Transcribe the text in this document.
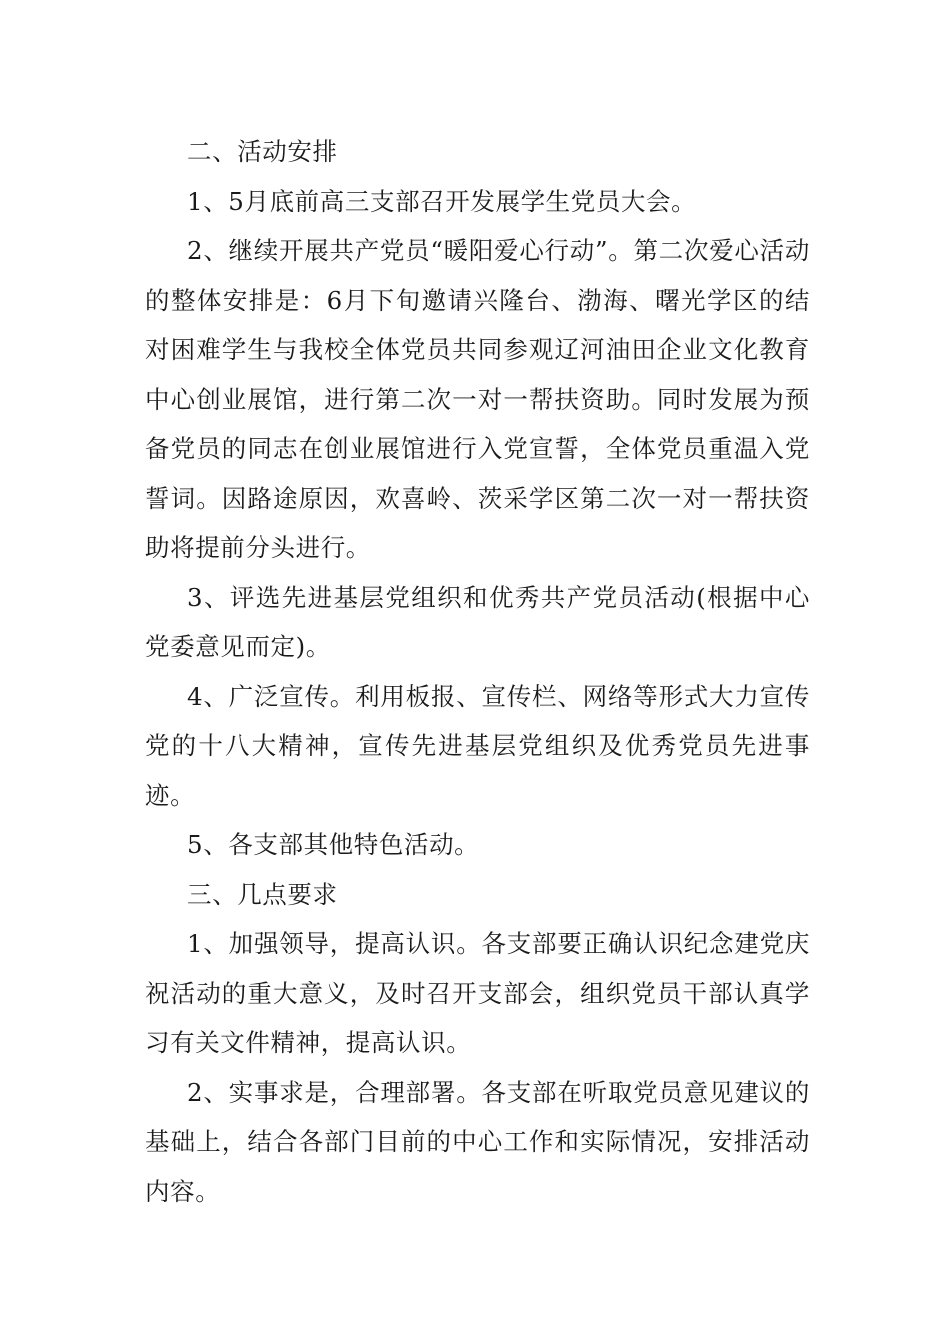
二、活动安排

1、5月底前高三支部召开发展学生党员大会。

2、继续开展共产党员“暖阳爱心行动”。第二次爱心活动的整体安排是：6月下旬邀请兴隆台、渤海、曙光学区的结对困难学生与我校全体党员共同参观辽河油田企业文化教育中心创业展馆，进行第二次一对一帮扶资助。同时发展为预备党员的同志在创业展馆进行入党宣誓，全体党员重温入党誓词。因路途原因，欢喜岭、茨采学区第二次一对一帮扶资助将提前分头进行。

3、评选先进基层党组织和优秀共产党员活动(根据中心党委意见而定)。

4、广泛宣传。利用板报、宣传栏、网络等形式大力宣传党的十八大精神，宣传先进基层党组织及优秀党员先进事迹。

5、各支部其他特色活动。

三、几点要求

1、加强领导，提高认识。各支部要正确认识纪念建党庆祝活动的重大意义，及时召开支部会，组织党员干部认真学习有关文件精神，提高认识。

2、实事求是，合理部署。各支部在听取党员意见建议的基础上，结合各部门目前的中心工作和实际情况，安排活动内容。
